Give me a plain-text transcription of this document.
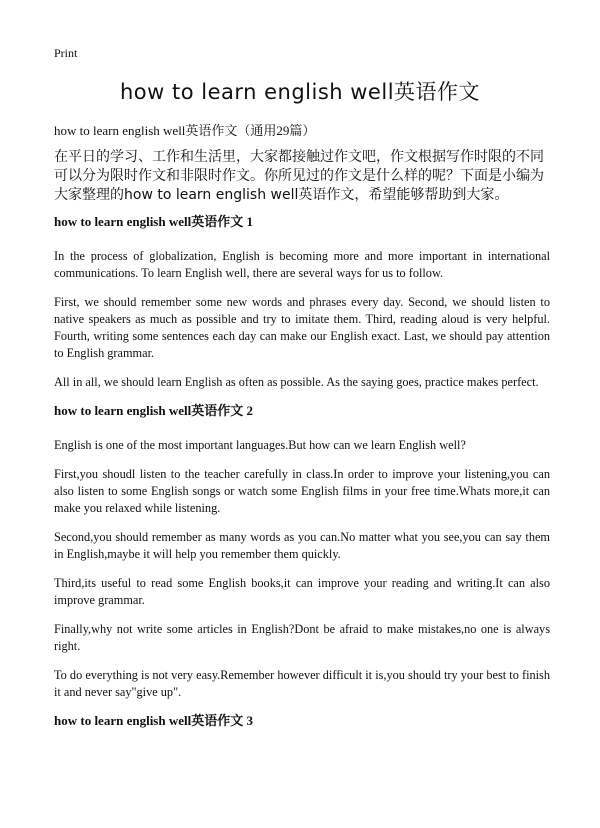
Print
how to learn english well英语作文
how to learn english well英语作文（通用29篇）
在平日的学习、工作和生活里，大家都接触过作文吧，作文根据写作时限的不同可以分为限时作文和非限时作文。你所见过的作文是什么样的呢？下面是小编为大家整理的how to learn english well英语作文，希望能够帮助到大家。
how to learn english well英语作文 1

In the process of globalization, English is becoming more and more important in international communications. To learn English well, there are several ways for us to follow.

First, we should remember some new words and phrases every day. Second, we should listen to native speakers as much as possible and try to imitate them. Third, reading aloud is very helpful. Fourth, writing some sentences each day can make our English exact. Last, we should pay attention to English grammar.

All in all, we should learn English as often as possible. As the saying goes, practice makes perfect.

how to learn english well英语作文 2

English is one of the most important languages.But how can we learn English well?

First,you shoudl listen to the teacher carefully in class.In order to improve your listening,you can also listen to some English songs or watch some English films in your free time.Whats more,it can make you relaxed while listening.

Second,you should remember as many words as you can.No matter what you see,you can say them in English,maybe it will help you remember them quickly.

Third,its useful to read some English books,it can improve your reading and writing.It can also improve grammar.

Finally,why not write some articles in English?Dont be afraid to make mistakes,no one is always right.

To do everything is not very easy.Remember however difficult it is,you should try your best to finish it and never say"give up".

how to learn english well英语作文 3
